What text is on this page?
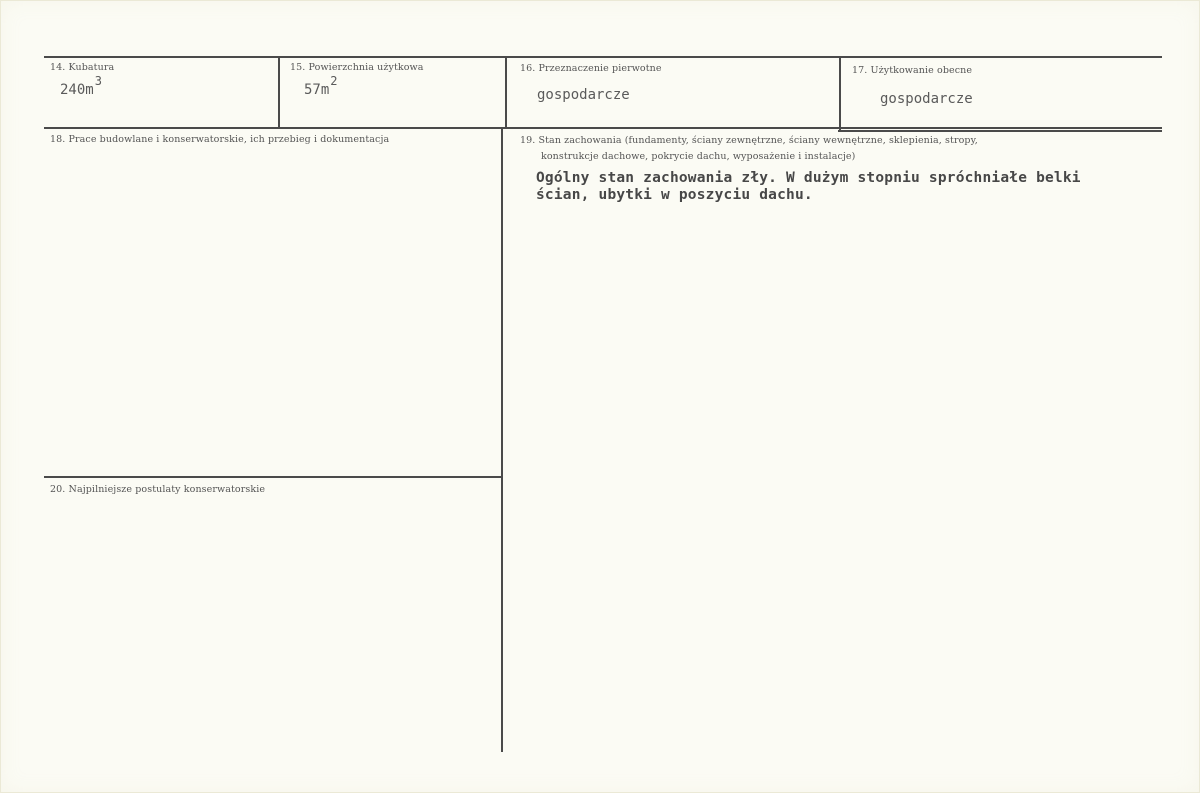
14. Kubatura
240m3
15. Powierzchnia użytkowa
57m2
16. Przeznaczenie pierwotne
gospodarcze
17. Użytkowanie obecne
gospodarcze
18. Prace budowlane i konserwatorskie, ich przebieg i dokumentacja	19. Stan zachowania (fundamenty, ściany zewnętrzne, ściany wewnętrzne, sklepienia, stropy,
konstrukcje dachowe, pokrycie dachu, wyposażenie i instalacje)
Ogólny stan zachowania zły. W dużym stopniu spróchniałe belki
ścian, ubytki w poszyciu dachu.
20. Najpilniejsze postulaty konserwatorskie
